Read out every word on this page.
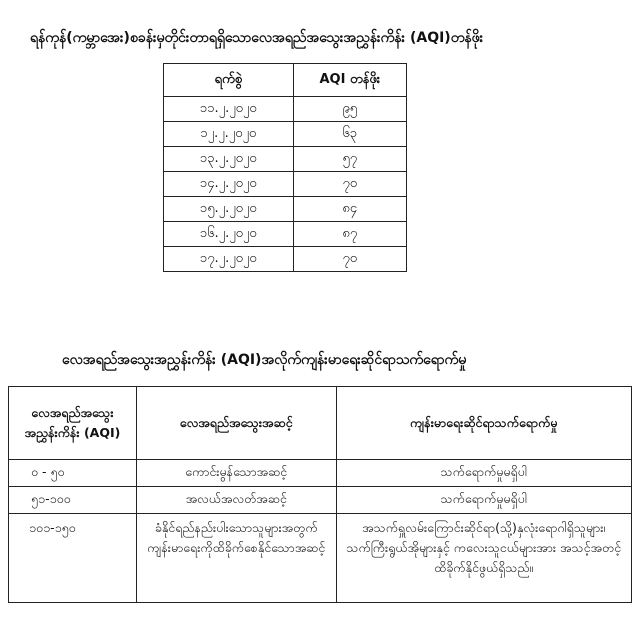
ရန်ကုန်(ကမ္ဘာအေး)စခန်းမှတိုင်းတာရရှိသောလေအရည်အသွေးအညွှန်းကိန်း (AQI)တန်ဖိုး
ရက်စွဲ	AQI တန်ဖိုး
၁၁.၂.၂၀၂၀	၉၅
၁၂.၂.၂၀၂၀	၆၃
၁၃.၂.၂၀၂၀	၅၇
၁၄.၂.၂၀၂၀	၇၀
၁၅.၂.၂၀၂၀	၈၄
၁၆.၂.၂၀၂၀	၈၇
၁၇.၂.၂၀၂၀	၇၀
လေအရည်အသွေးအညွှန်းကိန်း (AQI)အလိုက်ကျန်းမာရေးဆိုင်ရာသက်ရောက်မှု
လေအရည်အသွေး အညွှန်းကိန်း (AQI)	လေအရည်အသွေးအဆင့်	ကျန်းမာရေးဆိုင်ရာသက်ရောက်မှု
၀ - ၅၀	ကောင်းမွန်သောအဆင့်	သက်ရောက်မှုမရှိပါ
၅၁-၁၀၀	အလယ်အလတ်အဆင့်	သက်ရောက်မှုမရှိပါ
၁၀၁-၁၅၀	ခံနိုင်ရည်နည်းပါးသောသူများအတွက်ကျန်းမာရေးကိုထိခိုက်စေနိုင်သောအဆင့်	အသက်ရှူလမ်းကြောင်းဆိုင်ရာ(သို့)နှလုံးရောဂါရှိသူများ၊ သက်ကြီးရွယ်အိုများနှင့် ကလေးသူငယ်များအား အသင့်အတင့် ထိခိုက်နိုင်ဖွယ်ရှိသည်။
